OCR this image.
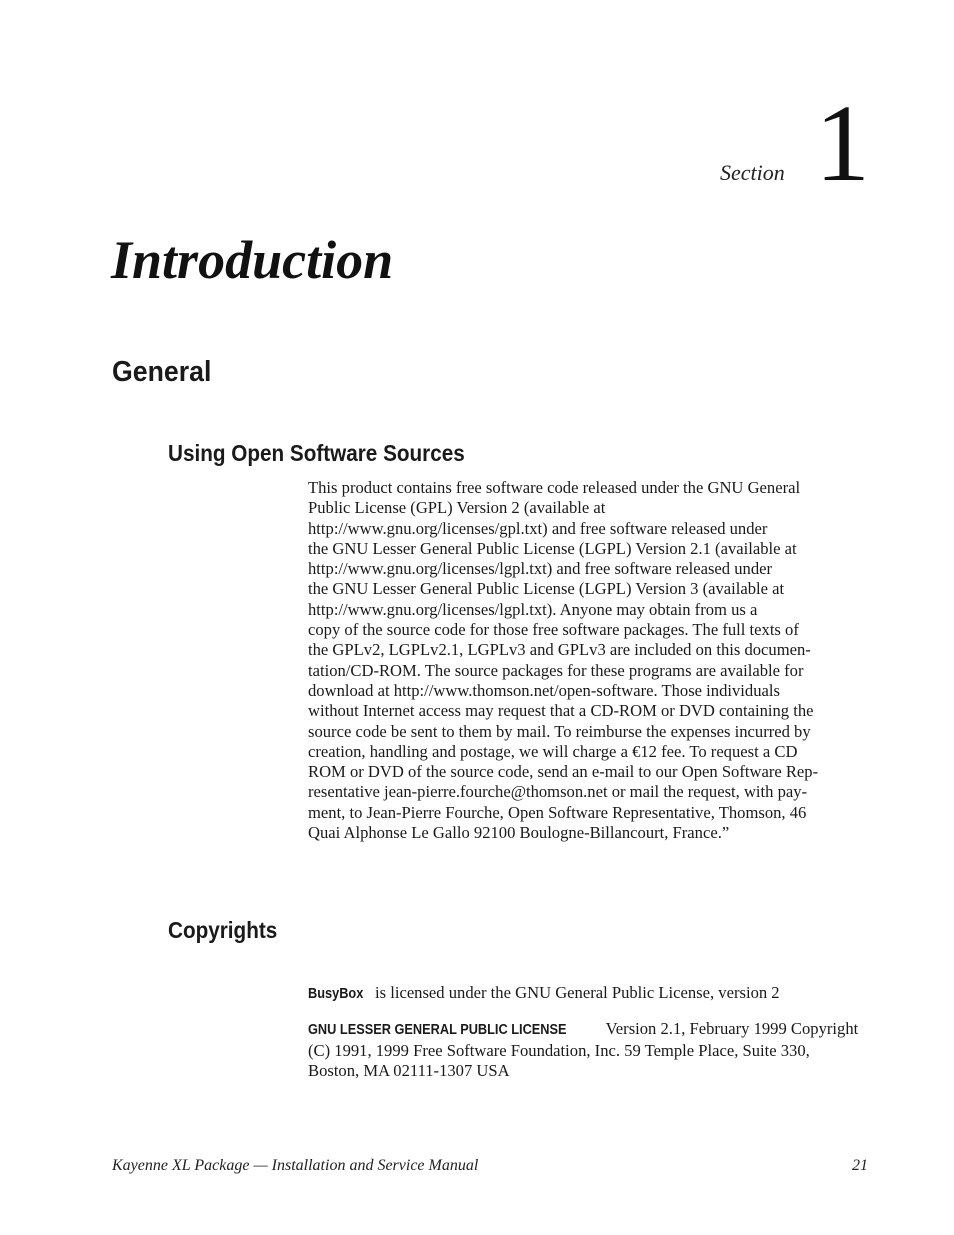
Section 1
Introduction
General
Using Open Software Sources
This product contains free software code released under the GNU General
Public License (GPL) Version 2 (available at
http://www.gnu.org/licenses/gpl.txt) and free software released under
the GNU Lesser General Public License (LGPL) Version 2.1 (available at
http://www.gnu.org/licenses/lgpl.txt) and free software released under
the GNU Lesser General Public License (LGPL) Version 3 (available at
http://www.gnu.org/licenses/lgpl.txt). Anyone may obtain from us a
copy of the source code for those free software packages. The full texts of
the GPLv2, LGPLv2.1, LGPLv3 and GPLv3 are included on this documen-
tation/CD-ROM. The source packages for these programs are available for
download at http://www.thomson.net/open-software. Those individuals
without Internet access may request that a CD-ROM or DVD containing the
source code be sent to them by mail. To reimburse the expenses incurred by
creation, handling and postage, we will charge a €12 fee. To request a CD
ROM or DVD of the source code, send an e-mail to our Open Software Rep-
resentative jean-pierre.fourche@thomson.net or mail the request, with pay-
ment, to Jean-Pierre Fourche, Open Software Representative, Thomson, 46
Quai Alphonse Le Gallo 92100 Boulogne-Billancourt, France.”
Copyrights

BusyBox is licensed under the GNU General Public License, version 2

GNU LESSER GENERAL PUBLIC LICENSE Version 2.1, February 1999 Copyright
(C) 1991, 1999 Free Software Foundation, Inc. 59 Temple Place, Suite 330,
Boston, MA 02111-1307 USA
Kayenne XL Package — Installation and Service Manual	21
